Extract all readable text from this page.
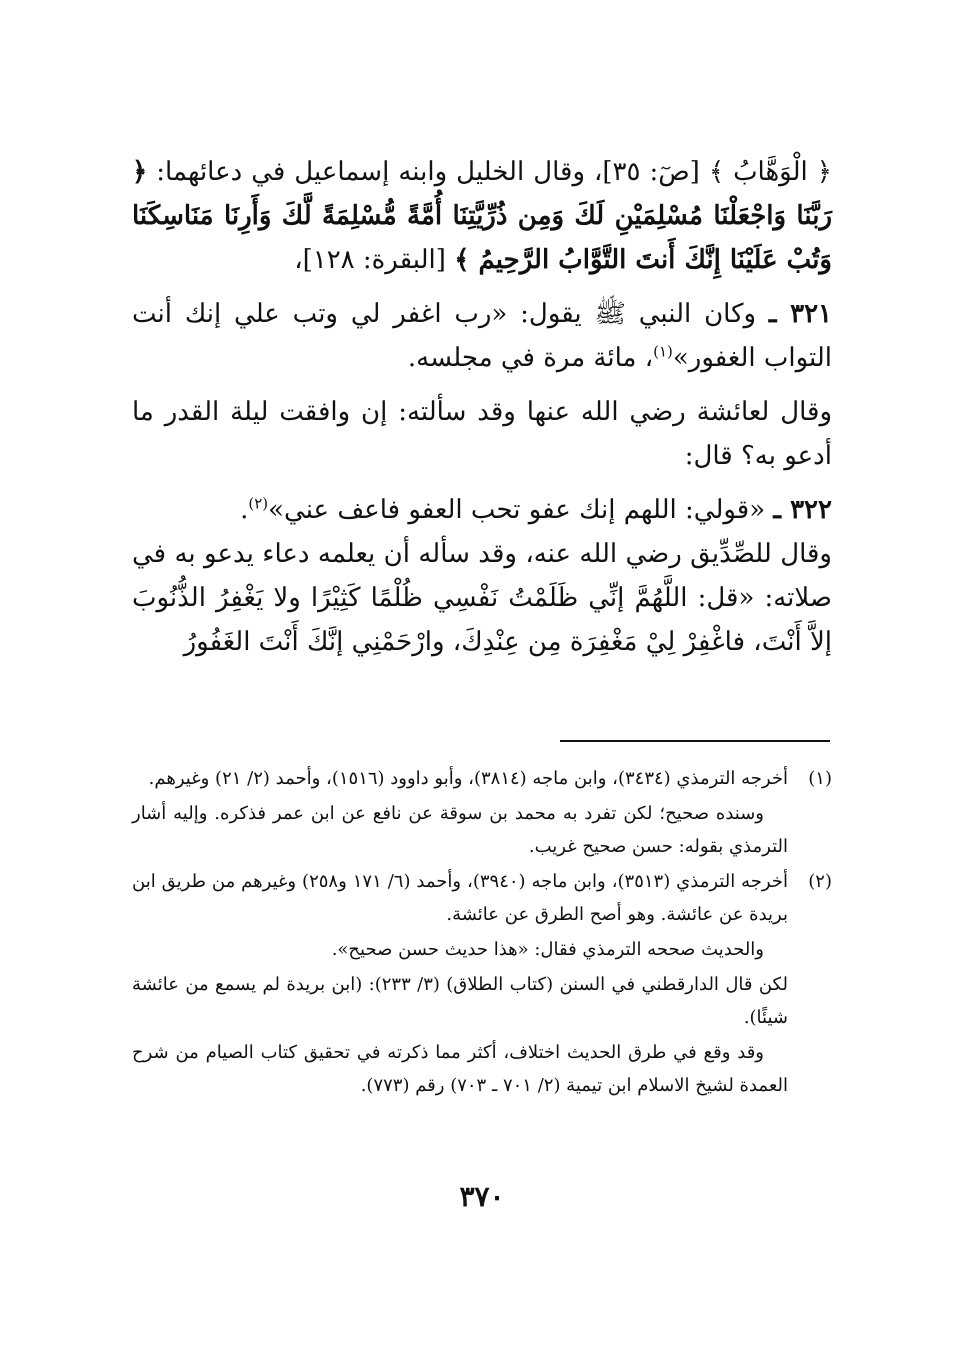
﴿ الْوَهَّابُ ﴾ [صٓ: ٣٥]، وقال الخليل وابنه إسماعيل في دعائهما: ﴿ رَبَّنَا وَاجْعَلْنَا مُسْلِمَيْنِ لَكَ وَمِن ذُرِّيَّتِنَا أُمَّةً مُّسْلِمَةً لَّكَ وَأَرِنَا مَنَاسِكَنَا وَتُبْ عَلَيْنَا إِنَّكَ أَنتَ التَّوَّابُ الرَّحِيمُ ﴾ [البقرة: ١٢٨]،

٣٢١ ـ وكان النبي ﷺ يقول: «رب اغفر لي وتب علي إنك أنت التواب الغفور»$^{(١)}$، مائة مرة في مجلسه.

وقال لعائشة رضي الله عنها وقد سألته: إن وافقت ليلة القدر ما أدعو به؟ قال:

٣٢٢ ـ «قولي: اللهم إنك عفو تحب العفو فاعف عني»$^{(٢)}$.
وقال للصِّدِّيق رضي الله عنه، وقد سأله أن يعلمه دعاء يدعو به في صلاته: «قل: اللَّهُمَّ إنِّي ظَلَمْتُ نَفْسِي ظُلْمًا كَثِيْرًا ولا يَغْفِرُ الذُّنُوبَ إلاَّ أَنْتَ، فاغْفِرْ لِيْ مَغْفِرَة مِن عِنْدِكَ، وارْحَمْنِي إنَّكَ أَنْتَ الغَفُورُ

(١)
أخرجه الترمذي (٣٤٣٤)، وابن ماجه (٣٨١٤)، وأبو داوود (١٥١٦)، وأحمد (٢/ ٢١) وغيرهم.
وسنده صحيح؛ لكن تفرد به محمد بن سوقة عن نافع عن ابن عمر فذكره. وإليه أشار الترمذي بقوله: حسن صحيح غريب.
(٢)
أخرجه الترمذي (٣٥١٣)، وابن ماجه (٣٩٤٠)، وأحمد (٦/ ١٧١ و٢٥٨) وغيرهم من طريق ابن بريدة عن عائشة. وهو أصح الطرق عن عائشة.
والحديث صححه الترمذي فقال: «هذا حديث حسن صحيح».
لكن قال الدارقطني في السنن (كتاب الطلاق) (٣/ ٢٣٣): (ابن بريدة لم يسمع من عائشة شيئًا).
وقد وقع في طرق الحديث اختلاف، أكثر مما ذكرته في تحقيق كتاب الصيام من شرح العمدة لشيخ الاسلام ابن تيمية (٢/ ٧٠١ ـ ٧٠٣) رقم (٧٧٣).
٣٧٠
